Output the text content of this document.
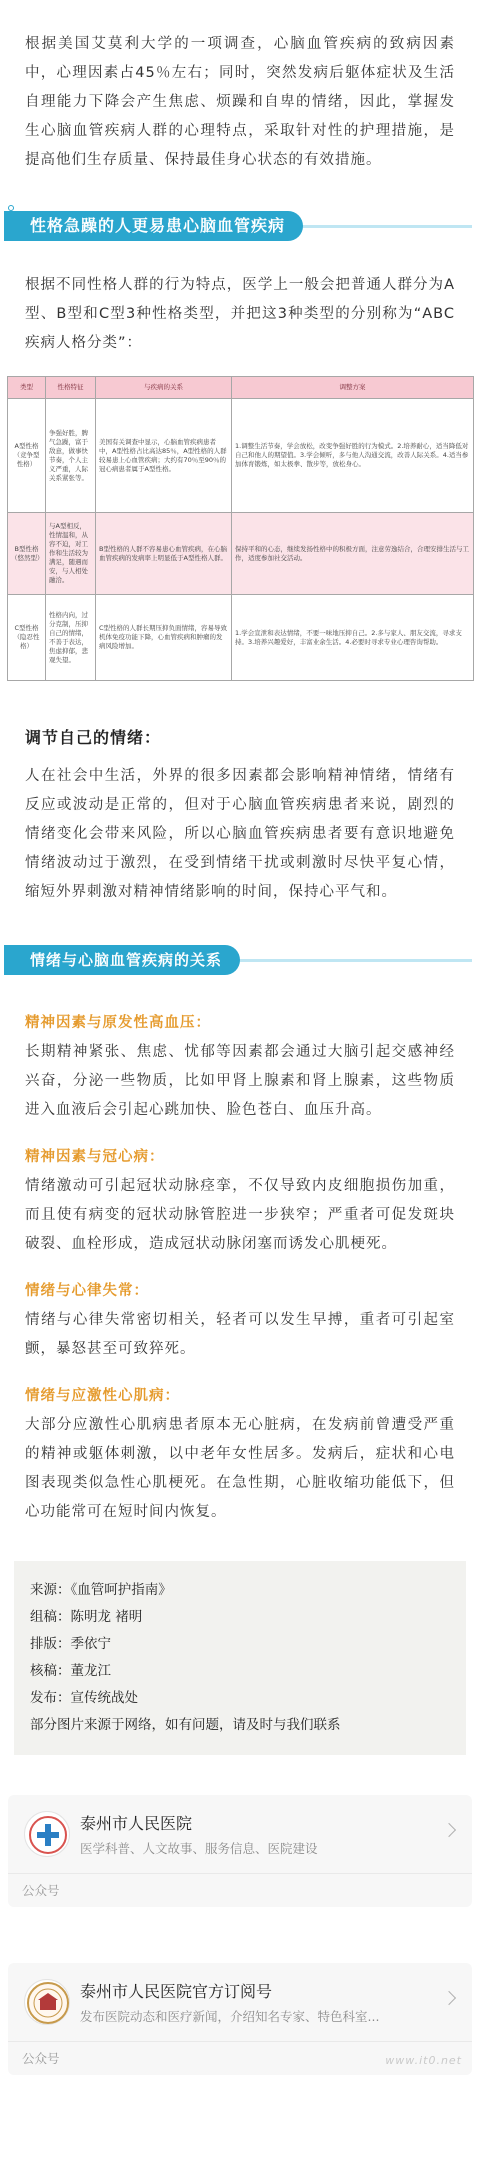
根据美国艾莫利大学的一项调查，心脑血管疾病的致病因素中，心理因素占45％左右；同时，突然发病后躯体症状及生活自理能力下降会产生焦虑、烦躁和自卑的情绪，因此，掌握发生心脑血管疾病人群的心理特点，采取针对性的护理措施，是提高他们生存质量、保持最佳身心状态的有效措施。

性格急躁的人更易患心脑血管疾病

根据不同性格人群的行为特点，医学上一般会把普通人群分为A型、B型和C型3种性格类型，并把这3种类型的分别称为“ABC疾病人格分类”：

类型	性格特征	与疾病的关系	调整方案
A型性格（竞争型性格）	争强好胜，脾气急躁，富于敌意，做事快节奏，个人主义严重，人际关系紧张等。	美国有关调查中显示，心脑血管疾病患者中，A型性格占比高达85％，A型性格的人群较易患上心血管疾病；大约有70％至90％的冠心病患者属于A型性格。	1.调整生活节奏，学会放松，改变争强好胜的行为模式。2.培养耐心，适当降低对自己和他人的期望值。3.学会倾听，多与他人沟通交流，改善人际关系。4.适当参加体育锻炼，如太极拳、散步等，放松身心。
B型性格（悠然型）	与A型相反，性情温和，从容不迫，对工作和生活较为满足，随遇而安，与人相处融洽。	B型性格的人群不容易患心血管疾病，在心脑血管疾病的发病率上明显低于A型性格人群。	保持平和的心态，继续发扬性格中的积极方面，注意劳逸结合，合理安排生活与工作，适度参加社交活动。
C型性格（隐忍性格）	性格内向，过分克制，压抑自己的情绪，不善于表达，焦虑抑郁，悲观失望。	C型性格的人群长期压抑负面情绪，容易导致机体免疫功能下降，心血管疾病和肿瘤的发病风险增加。	1.学会宣泄和表达情绪，不要一味地压抑自己。2.多与家人、朋友交流，寻求支持。3.培养兴趣爱好，丰富业余生活。4.必要时寻求专业心理咨询帮助。
调节自己的情绪：

人在社会中生活，外界的很多因素都会影响精神情绪，情绪有反应或波动是正常的，但对于心脑血管疾病患者来说，剧烈的情绪变化会带来风险，所以心脑血管疾病患者要有意识地避免情绪波动过于激烈，在受到情绪干扰或刺激时尽快平复心情，缩短外界刺激对精神情绪影响的时间，保持心平气和。

情绪与心脑血管疾病的关系
精神因素与原发性高血压：

长期精神紧张、焦虑、忧郁等因素都会通过大脑引起交感神经兴奋，分泌一些物质，比如甲肾上腺素和肾上腺素，这些物质进入血液后会引起心跳加快、脸色苍白、血压升高。

精神因素与冠心病：

情绪激动可引起冠状动脉痉挛，不仅导致内皮细胞损伤加重，而且使有病变的冠状动脉管腔进一步狭窄；严重者可促发斑块破裂、血栓形成，造成冠状动脉闭塞而诱发心肌梗死。

情绪与心律失常：

情绪与心律失常密切相关，轻者可以发生早搏，重者可引起室颤，暴怒甚至可致猝死。

情绪与应激性心肌病：

大部分应激性心肌病患者原本无心脏病，在发病前曾遭受严重的精神或躯体刺激，以中老年女性居多。发病后，症状和心电图表现类似急性心肌梗死。在急性期，心脏收缩功能低下，但心功能常可在短时间内恢复。

来源：《血管呵护指南》
组稿：陈明龙 褚明
排版：季依宁
核稿：董龙江
发布：宣传统战处
部分图片来源于网络，如有问题，请及时与我们联系
泰州市人民医院
医学科普、人文故事、服务信息、医院建设
公众号
泰州市人民医院官方订阅号
发布医院动态和医疗新闻，介绍知名专家、特色科室...
公众号	www.it0.net
